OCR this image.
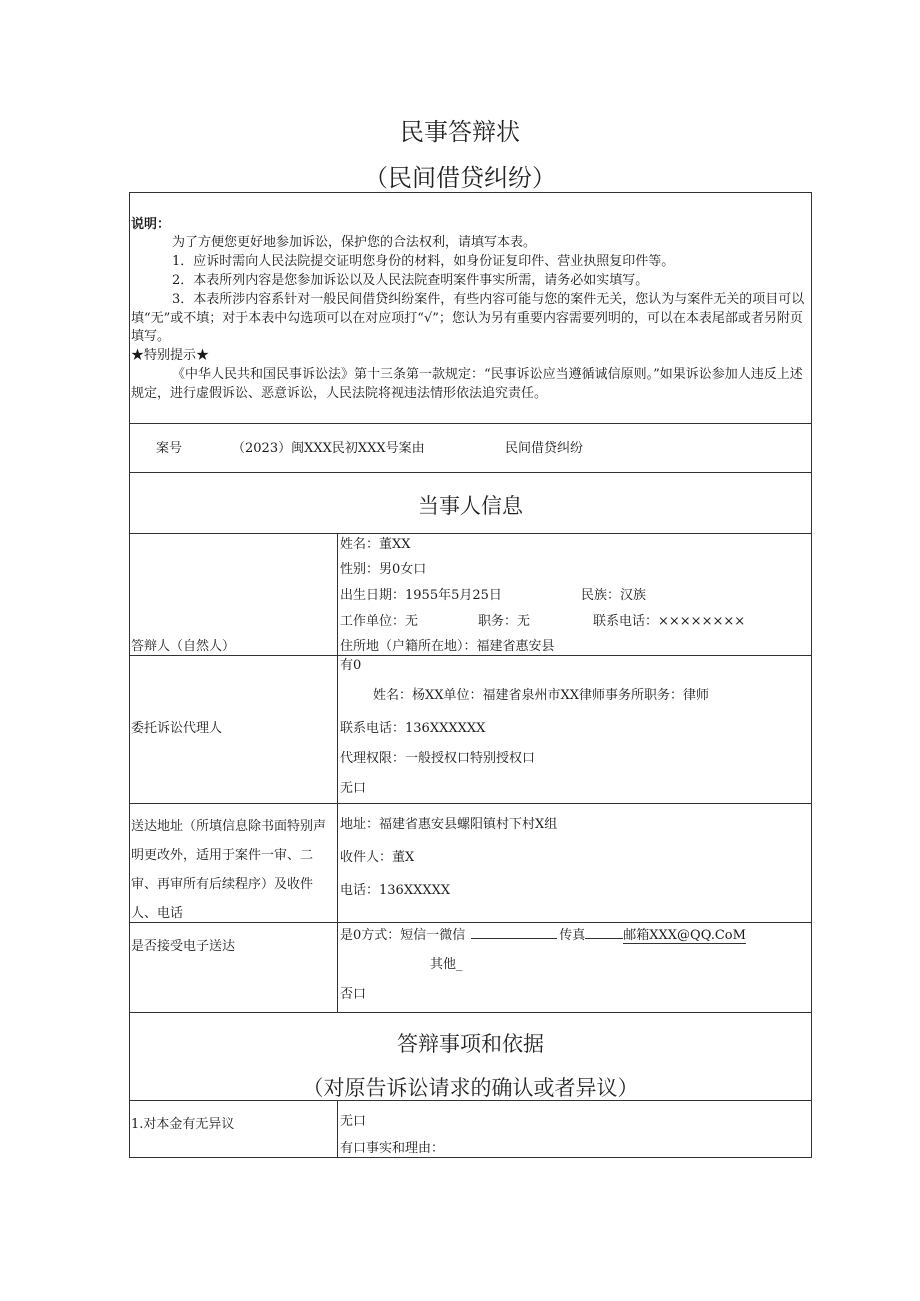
民事答辩状
（民间借贷纠纷）
说明：
为了方便您更好地参加诉讼，保护您的合法权利，请填写本表。
1．应诉时需向人民法院提交证明您身份的材料，如身份证复印件、营业执照复印件等。
2．本表所列内容是您参加诉讼以及人民法院查明案件事实所需，请务必如实填写。
3．本表所涉内容系针对一般民间借贷纠纷案件，有些内容可能与您的案件无关，您认为与案件无关的项目可以填“无”或不填；对于本表中勾选项可以在对应项打“√”；您认为另有重要内容需要列明的，可以在本表尾部或者另附页填写。
★特别提示★
《中华人民共和国民事诉讼法》第十三条第一款规定：“民事诉讼应当遵循诚信原则。”如果诉讼参加人违反上述规定，进行虚假诉讼、恶意诉讼，人民法院将视违法情形依法追究责任。
案号	（2023）闽XXX民初XXX号案由	民间借贷纠纷
当事人信息
答辩人（自然人）
姓名：董XX
性别：男0女口
出生日期：1955年5月25日	民族：汉族
工作单位：无	职务：无	联系电话：××××××××
住所地（户籍所在地）：福建省惠安县
委托诉讼代理人
有0
姓名：杨XX单位：福建省泉州市XX律师事务所职务：律师
联系电话：136XXXXXX
代理权限：一般授权口特别授权口
无口
送达地址（所填信息除书面特别声明更改外，适用于案件一审、二审、再审所有后续程序）及收件人、电话
地址：福建省惠安县螺阳镇村下村X组
收件人：董X
电话：136XXXXX
是否接受电子送达
是0方式：短信一微信	传真	邮箱XXX@QQ.CoM
其他_
否口
答辩事项和依据
（对原告诉讼请求的确认或者异议）
1.对本金有无异议	无口
有口事实和理由：
